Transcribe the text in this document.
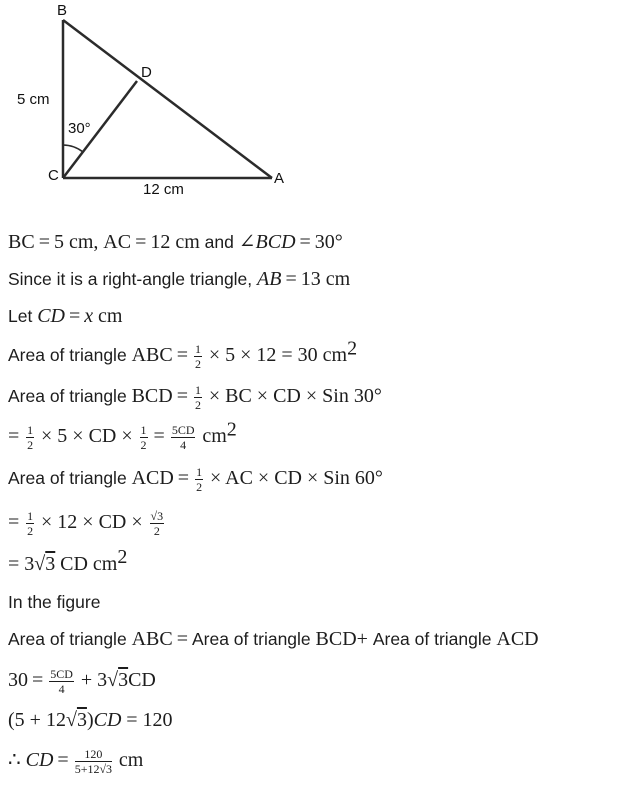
B
D
C	A
5 cm
12 cm
30°
BC = 5 cm, AC = 12 cm and ∠BCD = 30°
Since it is a right-angle triangle, AB = 13 cm
Let CD = x cm
Area of triangle ABC = $\frac{1}{2} \times 5 \times 12 = 30$ $cm^2$
Area of triangle BCD = $\frac{1}{2}$ × BC × CD × Sin 30°
= $\frac{1}{2} \times 5$ × CD × $\frac{1}{2} = \frac{5CD}{4} cm^2$
Area of triangle ACD = $\frac{1}{2}$ × AC × CD × Sin 60°
= $\frac{1}{2} \times 12$ × CD × $\frac{√3}{2}$
= 3√3 CD $cm^2$
In the figure
Area of triangle ABC = Area of triangle BCD+ Area of triangle ACD
$30 = \frac{5CD}{4} + 3√3CD$
(5 + 12√3)CD = 120
∴ CD = $\frac{120}{5+12√3}$ cm
